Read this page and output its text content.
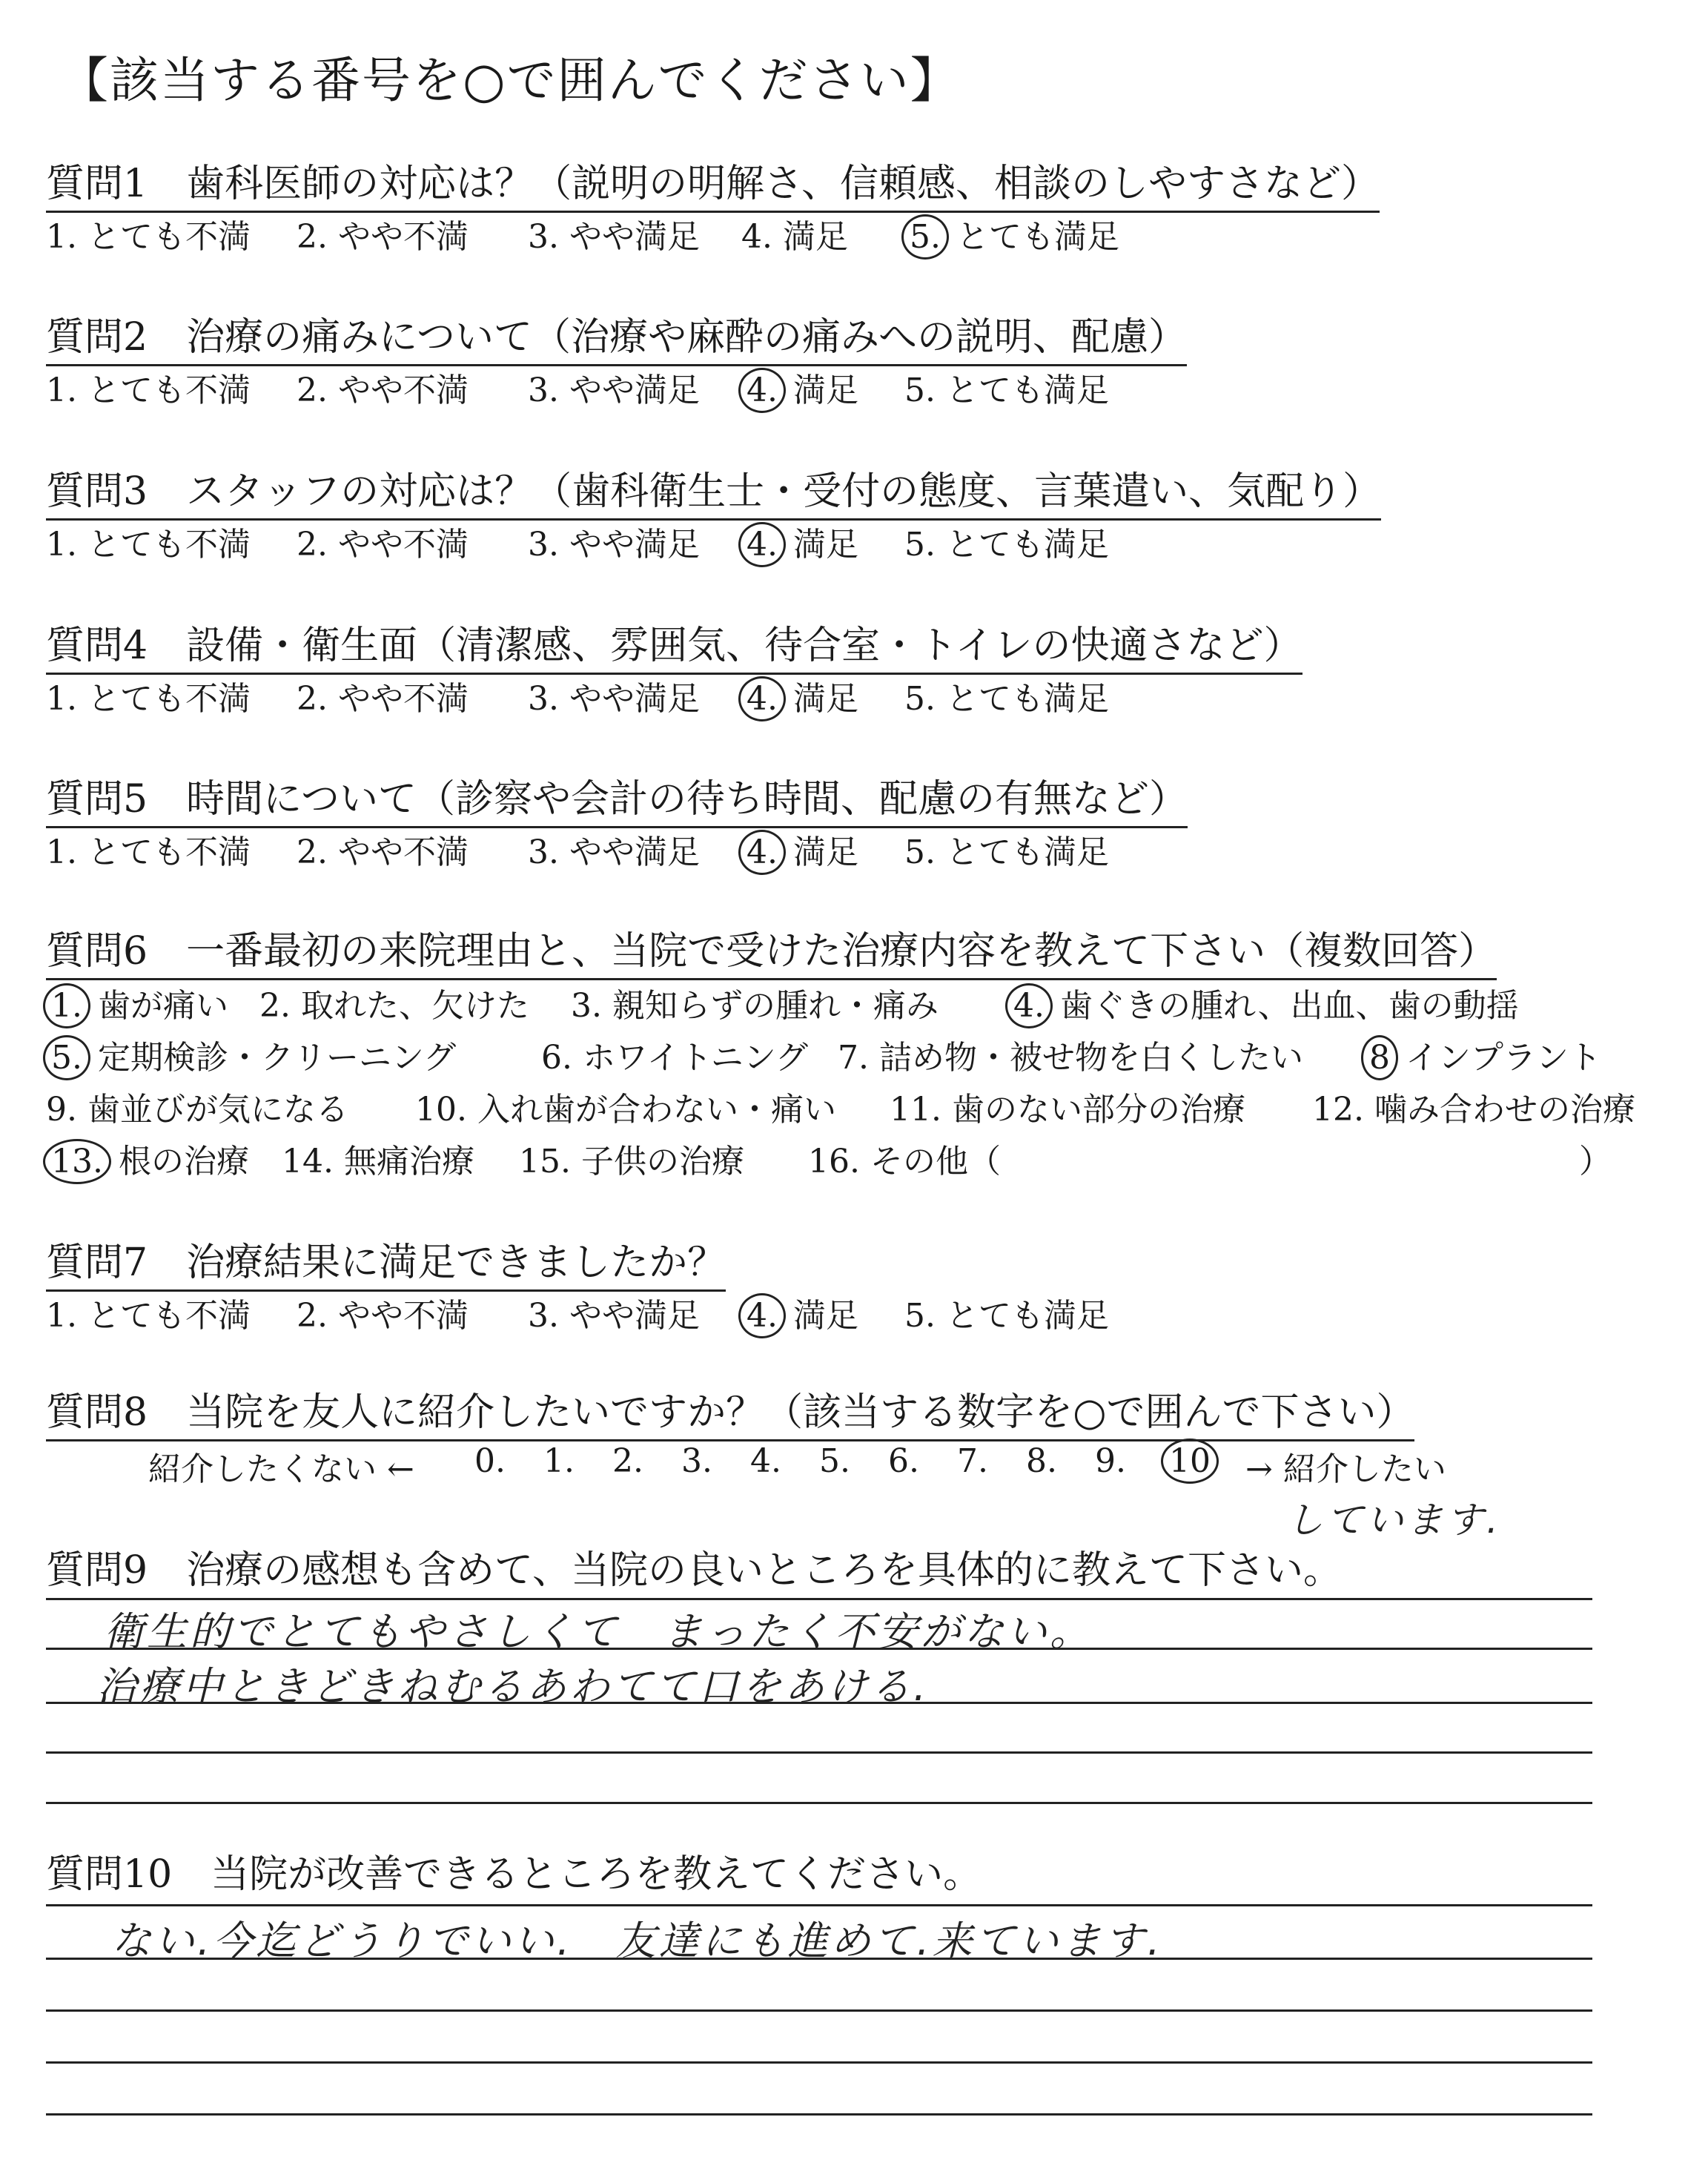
【該当する番号を○で囲んでください】
質問1　歯科医師の対応は？（説明の明解さ、信頼感、相談のしやすさなど）
1. とても不満 2. やや不満 3. やや満足 4. 満足 5. とても満足
質問2　治療の痛みについて（治療や麻酔の痛みへの説明、配慮）
1. とても不満 2. やや不満 3. やや満足 4. 満足 5. とても満足
質問3　スタッフの対応は？（歯科衛生士・受付の態度、言葉遣い、気配り）
1. とても不満 2. やや不満 3. やや満足 4. 満足 5. とても満足
質問4　設備・衛生面（清潔感、雰囲気、待合室・トイレの快適さなど）
1. とても不満 2. やや不満 3. やや満足 4. 満足 5. とても満足
質問5　時間について（診察や会計の待ち時間、配慮の有無など）
1. とても不満 2. やや不満 3. やや満足 4. 満足 5. とても満足
質問7　治療結果に満足できましたか？
1. とても不満 2. やや不満 3. やや満足 4. 満足 5. とても満足
質問6　一番最初の来院理由と、当院で受けた治療内容を教えて下さい（複数回答）
1. 歯が痛い 2. 取れた、欠けた 3. 親知らずの腫れ・痛み 4. 歯ぐきの腫れ、出血、歯の動揺
5. 定期検診・クリーニング	6. ホワイトニング 7. 詰め物・被せ物を白くしたい 8 インプラント
9. 歯並びが気になる 10. 入れ歯が合わない・痛い 11. 歯のない部分の治療 12. 噛み合わせの治療
13. 根の治療 14. 無痛治療 15. 子供の治療 16. その他（	）
質問8　当院を友人に紹介したいですか？（該当する数字を○で囲んで下さい）
紹介したくない ← 0. 1. 2. 3. 4. 5. 6. 7. 8. 9. 10 → 紹介したい
しています.
質問9　治療の感想も含めて、当院の良いところを具体的に教えて下さい。
衛生的でとてもやさしくて　まったく不安がない。
治療中ときどきねむるあわてて口をあける.
質問10　当院が改善できるところを教えてください。
ない.今迄どうりでいい.　友達にも進めて.来ています.
